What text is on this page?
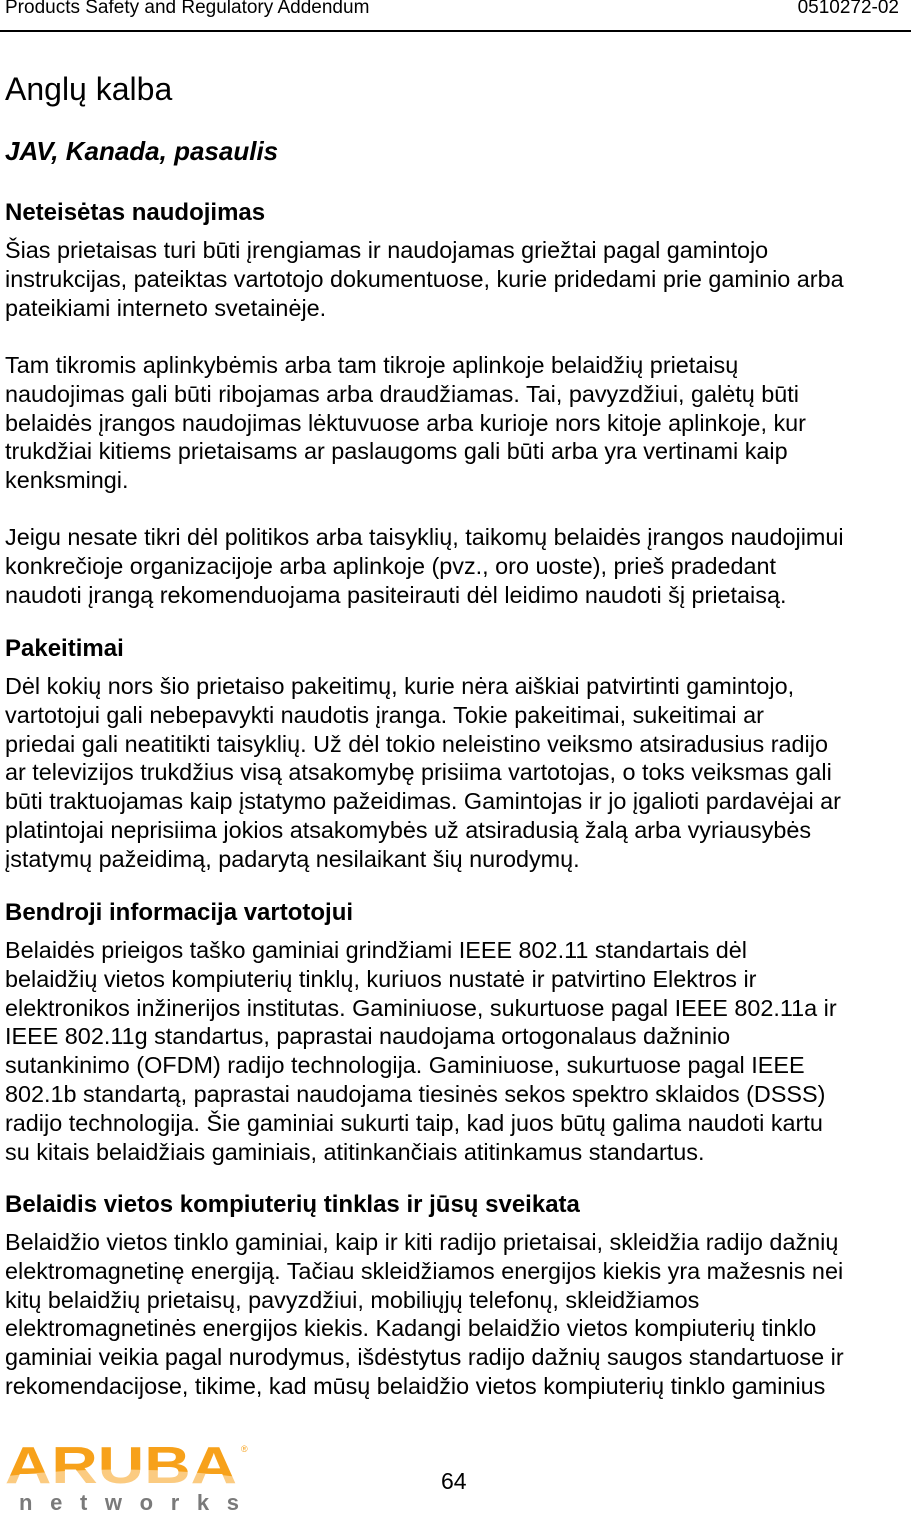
Products Safety and Regulatory Addendum	0510272-02
Anglų kalba
JAV, Kanada, pasaulis
Neteisėtas naudojimas
Šias prietaisas turi būti įrengiamas ir naudojamas griežtai pagal gamintojo
instrukcijas, pateiktas vartotojo dokumentuose, kurie pridedami prie gaminio arba
pateikiami interneto svetainėje.
Tam tikromis aplinkybėmis arba tam tikroje aplinkoje belaidžių prietaisų
naudojimas gali būti ribojamas arba draudžiamas. Tai, pavyzdžiui, galėtų būti
belaidės įrangos naudojimas lėktuvuose arba kurioje nors kitoje aplinkoje, kur
trukdžiai kitiems prietaisams ar paslaugoms gali būti arba yra vertinami kaip
kenksmingi.
Jeigu nesate tikri dėl politikos arba taisyklių, taikomų belaidės įrangos naudojimui
konkrečioje organizacijoje arba aplinkoje (pvz., oro uoste), prieš pradedant
naudoti įrangą rekomenduojama pasiteirauti dėl leidimo naudoti šį prietaisą.
Pakeitimai
Dėl kokių nors šio prietaiso pakeitimų, kurie nėra aiškiai patvirtinti gamintojo,
vartotojui gali nebepavykti naudotis įranga. Tokie pakeitimai, sukeitimai ar
priedai gali neatitikti taisyklių. Už dėl tokio neleistino veiksmo atsiradusius radijo
ar televizijos trukdžius visą atsakomybę prisiima vartotojas, o toks veiksmas gali
būti traktuojamas kaip įstatymo pažeidimas. Gamintojas ir jo įgalioti pardavėjai ar
platintojai neprisiima jokios atsakomybės už atsiradusią žalą arba vyriausybės
įstatymų pažeidimą, padarytą nesilaikant šių nurodymų.
Bendroji informacija vartotojui
Belaidės prieigos taško gaminiai grindžiami IEEE 802.11 standartais dėl
belaidžių vietos kompiuterių tinklų, kuriuos nustatė ir patvirtino Elektros ir
elektronikos inžinerijos institutas. Gaminiuose, sukurtuose pagal IEEE 802.11a ir
IEEE 802.11g standartus, paprastai naudojama ortogonalaus dažninio
sutankinimo (OFDM) radijo technologija. Gaminiuose, sukurtuose pagal IEEE
802.1b standartą, paprastai naudojama tiesinės sekos spektro sklaidos (DSSS)
radijo technologija. Šie gaminiai sukurti taip, kad juos būtų galima naudoti kartu
su kitais belaidžiais gaminiais, atitinkančiais atitinkamus standartus.
Belaidis vietos kompiuterių tinklas ir jūsų sveikata
Belaidžio vietos tinklo gaminiai, kaip ir kiti radijo prietaisai, skleidžia radijo dažnių
elektromagnetinę energiją. Tačiau skleidžiamos energijos kiekis yra mažesnis nei
kitų belaidžių prietaisų, pavyzdžiui, mobiliųjų telefonų, skleidžiamos
elektromagnetinės energijos kiekis. Kadangi belaidžio vietos kompiuterių tinklo
gaminiai veikia pagal nurodymus, išdėstytus radijo dažnių saugos standartuose ir
rekomendacijose, tikime, kad mūsų belaidžio vietos kompiuterių tinklo gaminius
ARUBA ®
networks
64
